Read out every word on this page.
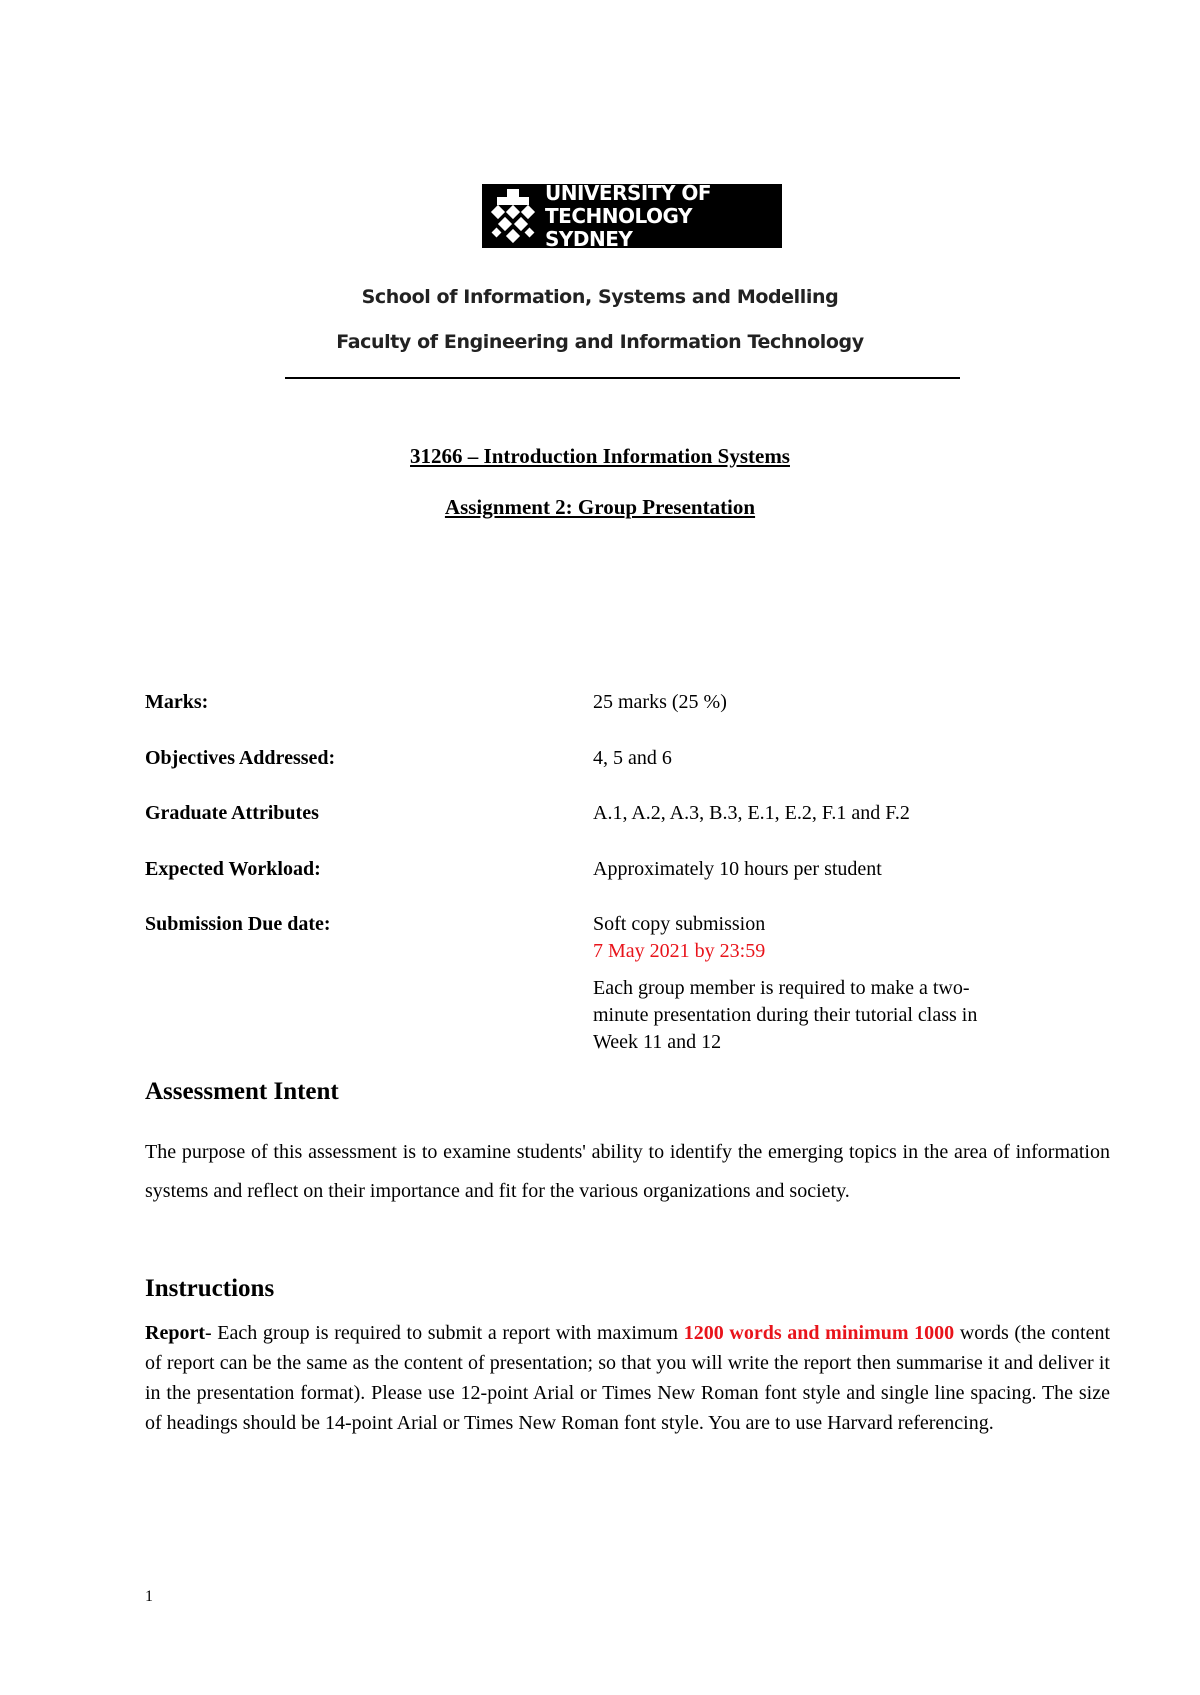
UNIVERSITY OF
TECHNOLOGY SYDNEY
School of Information, Systems and Modelling
Faculty of Engineering and Information Technology
31266 – Introduction Information Systems
Assignment 2: Group Presentation
Marks:	25 marks (25 %)
Objectives Addressed:	4, 5 and 6
Graduate Attributes	A.1, A.2, A.3, B.3, E.1, E.2, F.1 and F.2
Expected Workload:	Approximately 10 hours per student
Submission Due date:	Soft copy submission
7 May 2021 by 23:59
Each group member is required to make a two-minute presentation during their tutorial class in Week 11 and 12
Assessment Intent
The purpose of this assessment is to examine students' ability to identify the emerging topics in the area of information systems and reflect on their importance and fit for the various organizations and society.
Instructions
Report- Each group is required to submit a report with maximum 1200 words and minimum 1000 words (the content of report can be the same as the content of presentation; so that you will write the report then summarise it and deliver it in the presentation format). Please use 12-point Arial or Times New Roman font style and single line spacing. The size of headings should be 14-point Arial or Times New Roman font style. You are to use Harvard referencing.
1
